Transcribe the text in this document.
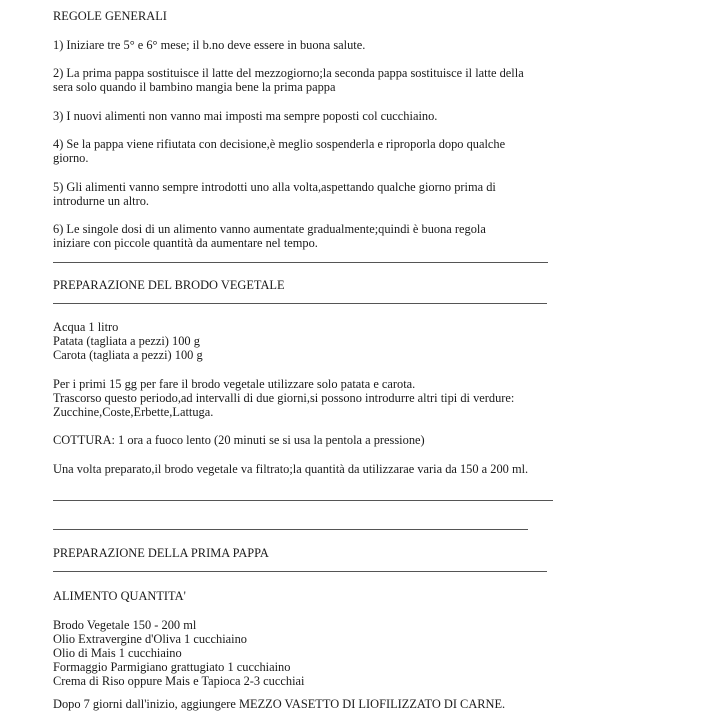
REGOLE GENERALI
1) Iniziare tre 5° e 6° mese; il b.no deve essere in buona salute.
2) La prima pappa sostituisce il latte del mezzogiorno;la seconda pappa sostituisce il latte della
sera solo quando il bambino mangia bene la prima pappa
3) I nuovi alimenti non vanno mai imposti ma sempre poposti col cucchiaino.
4) Se la pappa viene rifiutata con decisione,è meglio sospenderla e riproporla dopo qualche
giorno.
5) Gli alimenti vanno sempre introdotti uno alla volta,aspettando qualche giorno prima di
introdurne un altro.
6) Le singole dosi di un alimento vanno aumentate gradualmente;quindi è buona regola
iniziare con piccole quantità da aumentare nel tempo.
PREPARAZIONE DEL BRODO VEGETALE
Acqua 1 litro
Patata (tagliata a pezzi) 100 g
Carota (tagliata a pezzi) 100 g
Per i primi 15 gg per fare il brodo vegetale utilizzare solo patata e carota.
Trascorso questo periodo,ad intervalli di due giorni,si possono introdurre altri tipi di verdure:
Zucchine,Coste,Erbette,Lattuga.
COTTURA: 1 ora a fuoco lento (20 minuti se si usa la pentola a pressione)
Una volta preparato,il brodo vegetale va filtrato;la quantità da utilizzarae varia da 150 a 200 ml.
PREPARAZIONE DELLA PRIMA PAPPA
ALIMENTO QUANTITA'
Brodo Vegetale 150 - 200 ml
Olio Extravergine d'Oliva 1 cucchiaino
Olio di Mais 1 cucchiaino
Formaggio Parmigiano grattugiato 1 cucchiaino
Crema di Riso oppure Mais e Tapioca 2-3 cucchiai
Dopo 7 giorni dall'inizio, aggiungere MEZZO VASETTO DI LIOFILIZZATO DI CARNE.
